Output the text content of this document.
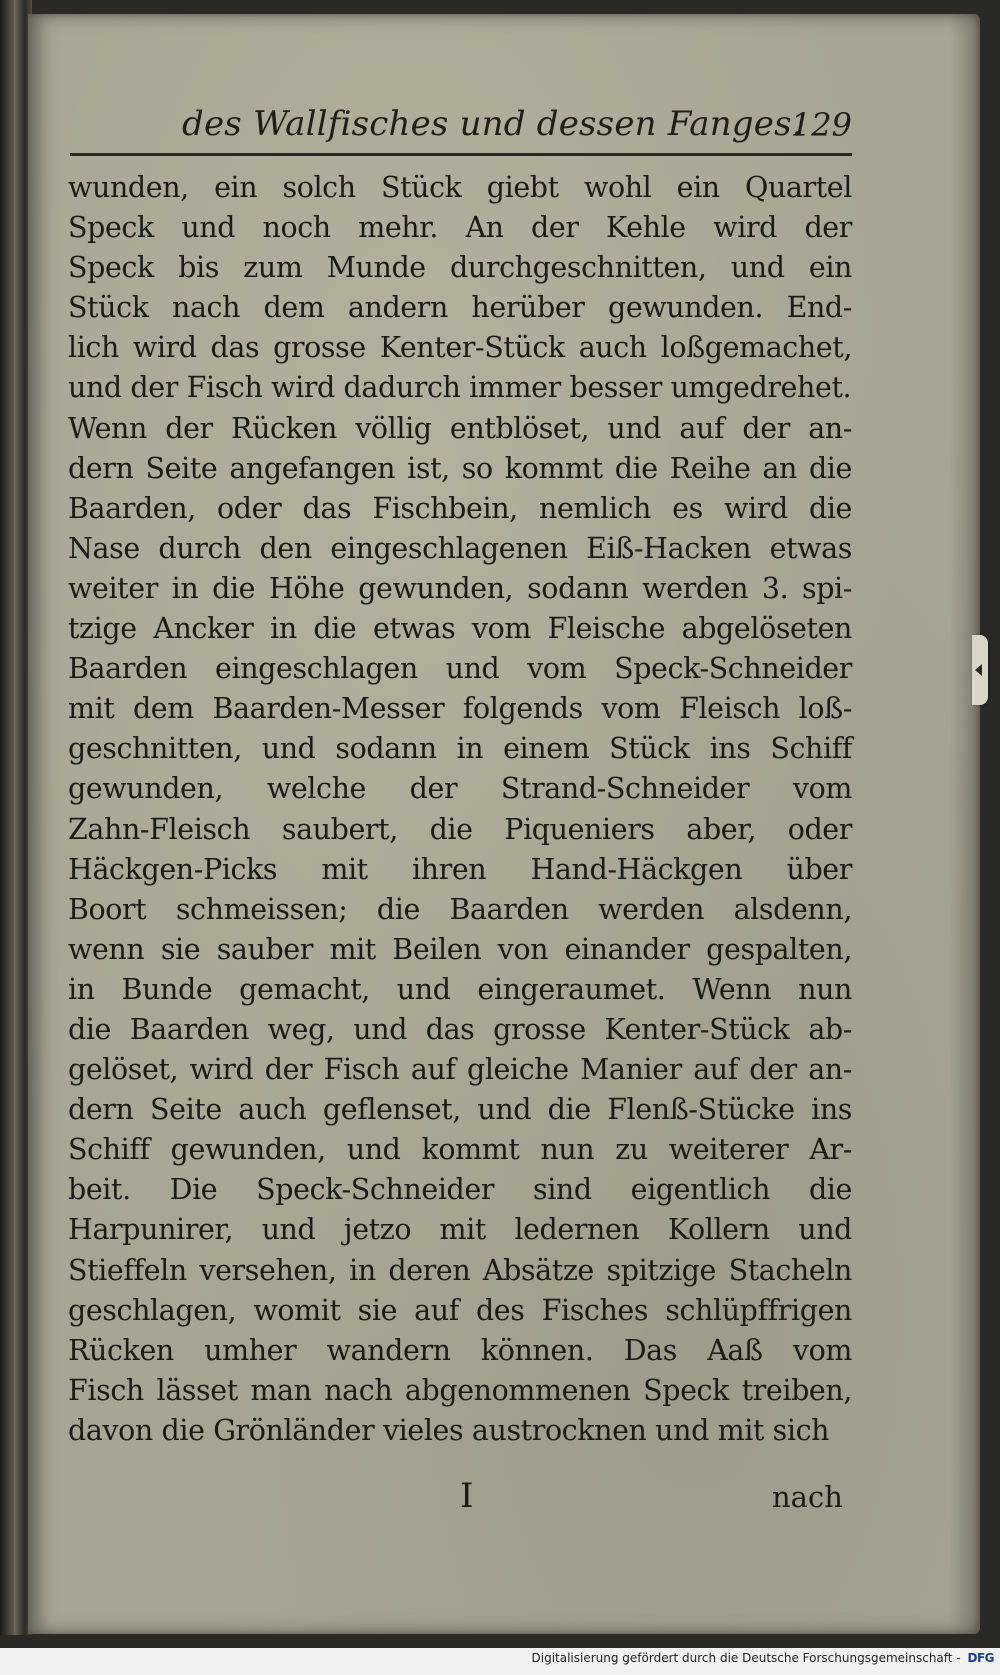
des Wallfisches und dessen Fanges.
129
wunden, ein solch Stück giebt wohl ein Quartel
Speck und noch mehr. An der Kehle wird der
Speck bis zum Munde durchgeschnitten, und ein
Stück nach dem andern herüber gewunden. End-
lich wird das grosse Kenter-Stück auch loßgemachet,
und der Fisch wird dadurch immer besser umgedrehet.
Wenn der Rücken völlig entblöset, und auf der an-
dern Seite angefangen ist, so kommt die Reihe an die
Baarden, oder das Fischbein, nemlich es wird die
Nase durch den eingeschlagenen Eiß-Hacken etwas
weiter in die Höhe gewunden, sodann werden 3. spi-
tzige Ancker in die etwas vom Fleische abgelöseten
Baarden eingeschlagen und vom Speck-Schneider
mit dem Baarden-Messer folgends vom Fleisch loß-
geschnitten, und sodann in einem Stück ins Schiff
gewunden, welche der Strand-Schneider vom
Zahn-Fleisch saubert, die Piqueniers aber, oder
Häckgen-Picks mit ihren Hand-Häckgen über
Boort schmeissen; die Baarden werden alsdenn,
wenn sie sauber mit Beilen von einander gespalten,
in Bunde gemacht, und eingeraumet. Wenn nun
die Baarden weg, und das grosse Kenter-Stück ab-
gelöset, wird der Fisch auf gleiche Manier auf der an-
dern Seite auch geflenset, und die Flenß-Stücke ins
Schiff gewunden, und kommt nun zu weiterer Ar-
beit. Die Speck-Schneider sind eigentlich die
Harpunirer, und jetzo mit ledernen Kollern und
Stieffeln versehen, in deren Absätze spitzige Stacheln
geschlagen, womit sie auf des Fisches schlüpffrigen
Rücken umher wandern können. Das Aaß vom
Fisch lässet man nach abgenommenen Speck treiben,
davon die Grönländer vieles austrocknen und mit sich
I	nach
Digitalisierung gefördert durch die Deutsche Forschungsgemeinschaft - DFG
